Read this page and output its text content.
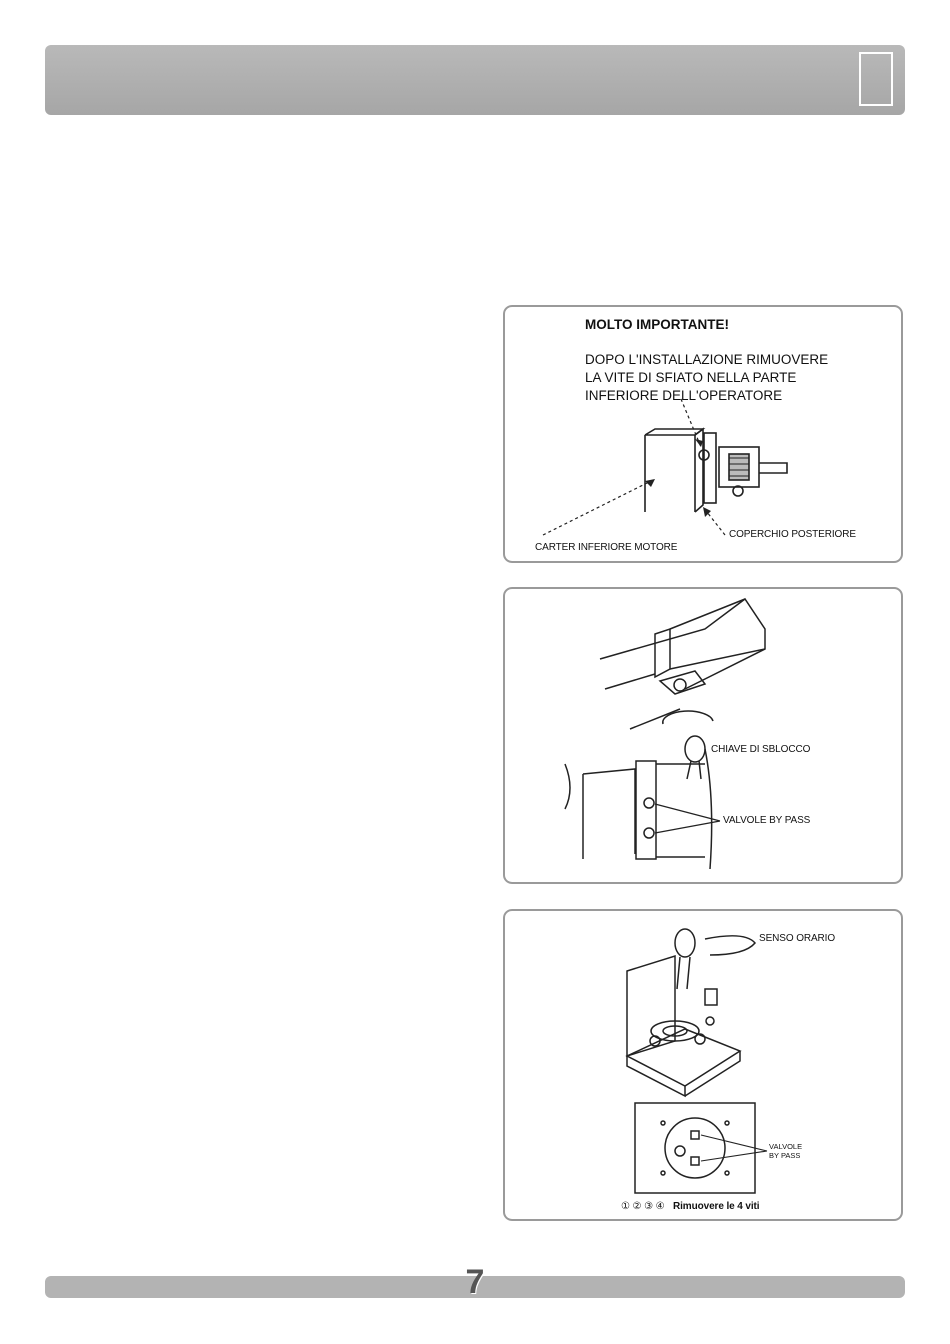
MOLTO IMPORTANTE!
DOPO L'INSTALLAZIONE RIMUOVERE
LA VITE DI SFIATO NELLA PARTE
INFERIORE DELL'OPERATORE
COPERCHIO POSTERIORE
CARTER INFERIORE MOTORE
CHIAVE DI SBLOCCO
VALVOLE BY PASS
SENSO ORARIO
VALVOLE
BY PASS
① ② ③ ④ Rimuovere le 4 viti
7
